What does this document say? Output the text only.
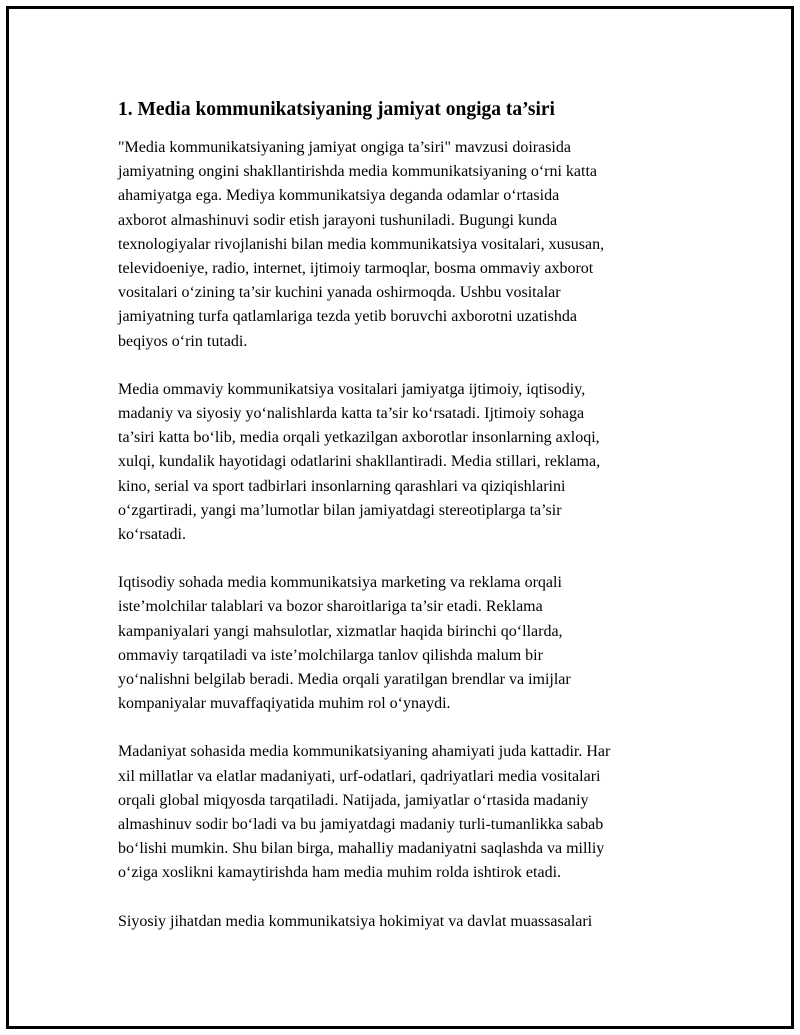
1. Media kommunikatsiyaning jamiyat ongiga ta’siri

"Media kommunikatsiyaning jamiyat ongiga ta’siri" mavzusi doirasida
jamiyatning ongini shakllantirishda media kommunikatsiyaning o‘rni katta
ahamiyatga ega. Mediya kommunikatsiya deganda odamlar o‘rtasida
axborot almashinuvi sodir etish jarayoni tushuniladi. Bugungi kunda
texnologiyalar rivojlanishi bilan media kommunikatsiya vositalari, xususan,
televidoeniye, radio, internet, ijtimoiy tarmoqlar, bosma ommaviy axborot
vositalari o‘zining ta’sir kuchini yanada oshirmoqda. Ushbu vositalar
jamiyatning turfa qatlamlariga tezda yetib boruvchi axborotni uzatishda
beqiyos o‘rin tutadi.

Media ommaviy kommunikatsiya vositalari jamiyatga ijtimoiy, iqtisodiy,
madaniy va siyosiy yo‘nalishlarda katta ta’sir ko‘rsatadi. Ijtimoiy sohaga
ta’siri katta bo‘lib, media orqali yetkazilgan axborotlar insonlarning axloqi,
xulqi, kundalik hayotidagi odatlarini shakllantiradi. Media stillari, reklama,
kino, serial va sport tadbirlari insonlarning qarashlari va qiziqishlarini
o‘zgartiradi, yangi ma’lumotlar bilan jamiyatdagi stereotiplarga ta’sir
ko‘rsatadi.

Iqtisodiy sohada media kommunikatsiya marketing va reklama orqali
iste’molchilar talablari va bozor sharoitlariga ta’sir etadi. Reklama
kampaniyalari yangi mahsulotlar, xizmatlar haqida birinchi qo‘llarda,
ommaviy tarqatiladi va iste’molchilarga tanlov qilishda malum bir
yo‘nalishni belgilab beradi. Media orqali yaratilgan brendlar va imijlar
kompaniyalar muvaffaqiyatida muhim rol o‘ynaydi.

Madaniyat sohasida media kommunikatsiyaning ahamiyati juda kattadir. Har
xil millatlar va elatlar madaniyati, urf-odatlari, qadriyatlari media vositalari
orqali global miqyosda tarqatiladi. Natijada, jamiyatlar o‘rtasida madaniy
almashinuv sodir bo‘ladi va bu jamiyatdagi madaniy turli-tumanlikka sabab
bo‘lishi mumkin. Shu bilan birga, mahalliy madaniyatni saqlashda va milliy
o‘ziga xoslikni kamaytirishda ham media muhim rolda ishtirok etadi.

Siyosiy jihatdan media kommunikatsiya hokimiyat va davlat muassasalari
